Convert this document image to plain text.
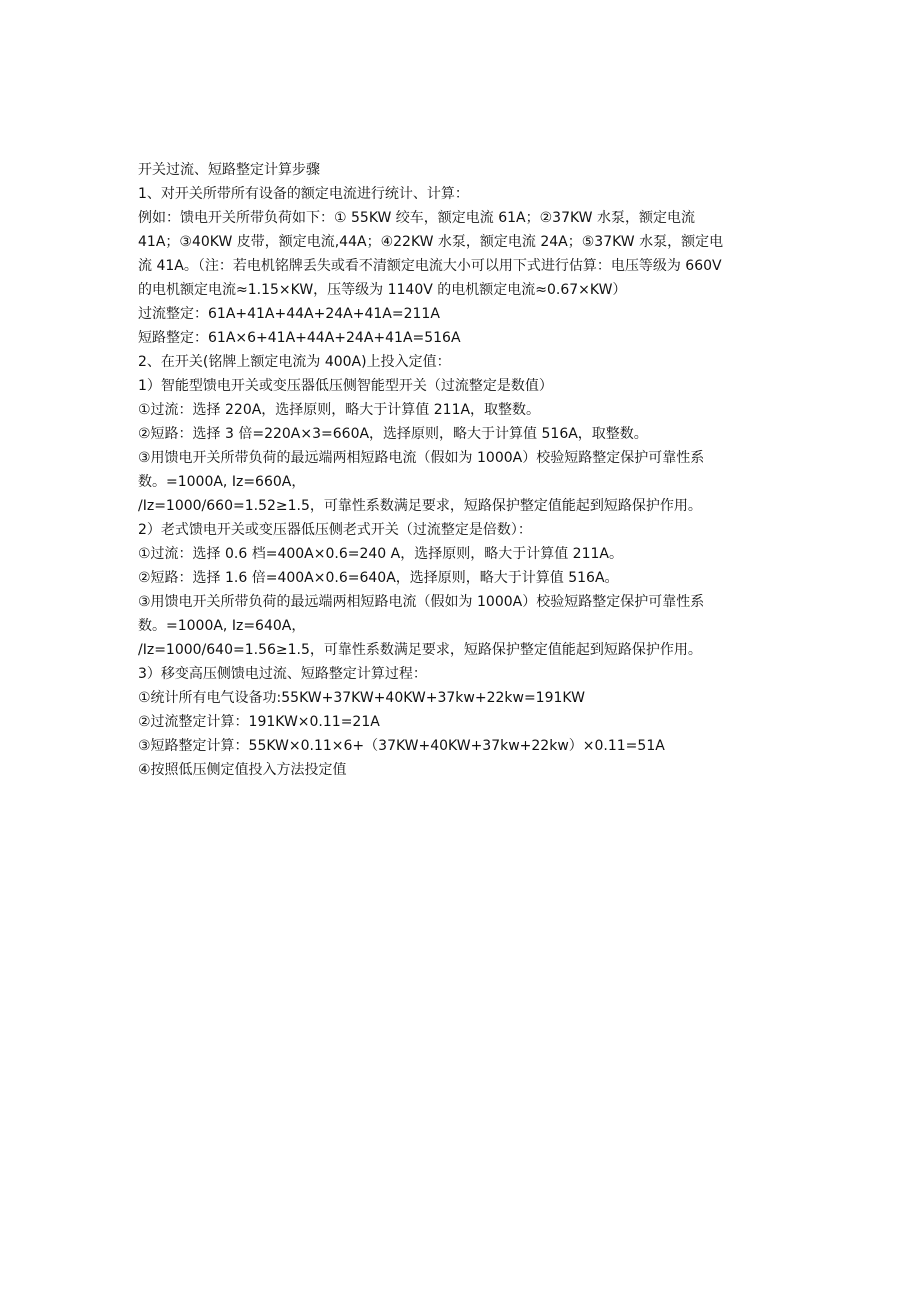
开关过流、短路整定计算步骤
1、对开关所带所有设备的额定电流进行统计、计算：
例如：馈电开关所带负荷如下：① 55KW 绞车，额定电流 61A；②37KW 水泵，额定电流
41A；③40KW 皮带，额定电流,44A；④22KW 水泵，额定电流 24A；⑤37KW 水泵，额定电
流 41A。（注：若电机铭牌丢失或看不清额定电流大小可以用下式进行估算：电压等级为 660V
的电机额定电流≈1.15×KW，压等级为 1140V 的电机额定电流≈0.67×KW）
过流整定：61A+41A+44A+24A+41A=211A
短路整定：61A×6+41A+44A+24A+41A=516A
2、在开关(铭牌上额定电流为 400A)上投入定值：
1）智能型馈电开关或变压器低压侧智能型开关（过流整定是数值）
①过流：选择 220A，选择原则，略大于计算值 211A，取整数。
②短路：选择 3 倍=220A×3=660A，选择原则，略大于计算值 516A，取整数。
③用馈电开关所带负荷的最远端两相短路电流（假如为 1000A）校验短路整定保护可靠性系
数。=1000A, Iz=660A，
/Iz=1000/660=1.52≥1.5，可靠性系数满足要求，短路保护整定值能起到短路保护作用。
2）老式馈电开关或变压器低压侧老式开关（过流整定是倍数）：
①过流：选择 0.6 档=400A×0.6=240 A，选择原则，略大于计算值 211A。
②短路：选择 1.6 倍=400A×0.6=640A，选择原则，略大于计算值 516A。
③用馈电开关所带负荷的最远端两相短路电流（假如为 1000A）校验短路整定保护可靠性系
数。=1000A, Iz=640A，
/Iz=1000/640=1.56≥1.5，可靠性系数满足要求，短路保护整定值能起到短路保护作用。
3）移变高压侧馈电过流、短路整定计算过程：
①统计所有电气设备功:55KW+37KW+40KW+37kw+22kw=191KW
②过流整定计算：191KW×0.11=21A
③短路整定计算：55KW×0.11×6+（37KW+40KW+37kw+22kw）×0.11=51A
④按照低压侧定值投入方法投定值
